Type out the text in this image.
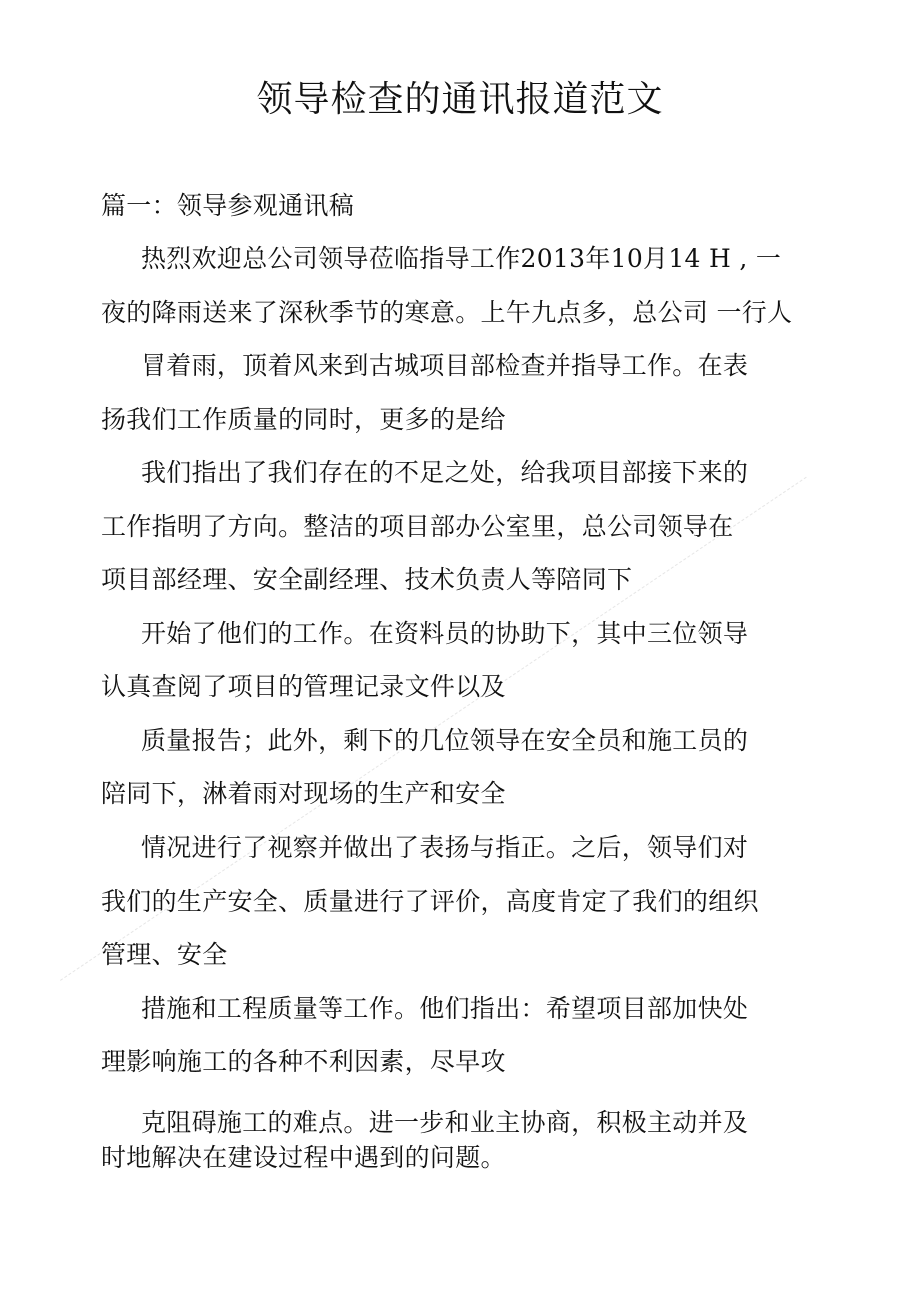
领导检查的通讯报道范文
篇一：领导参观通讯稿
热烈欢迎总公司领导莅临指导工作2013年10月14 H , 一
夜的降雨送来了深秋季节的寒意。上午九点多，总公司 一行人
冒着雨，顶着风来到古城项目部检查并指导工作。在表
扬我们工作质量的同时，更多的是给
我们指出了我们存在的不足之处，给我项目部接下来的
工作指明了方向。整洁的项目部办公室里，总公司领导在
项目部经理、安全副经理、技术负责人等陪同下
开始了他们的工作。在资料员的协助下，其中三位领导
认真查阅了项目的管理记录文件以及
质量报告；此外，剩下的几位领导在安全员和施工员的
陪同下，淋着雨对现场的生产和安全
情况进行了视察并做出了表扬与指正。之后，领导们对
我们的生产安全、质量进行了评价，高度肯定了我们的组织
管理、安全
措施和工程质量等工作。他们指出：希望项目部加快处
理影响施工的各种不利因素，尽早攻
克阻碍施工的难点。进一步和业主协商，积极主动并及
时地解决在建设过程中遇到的问题。
